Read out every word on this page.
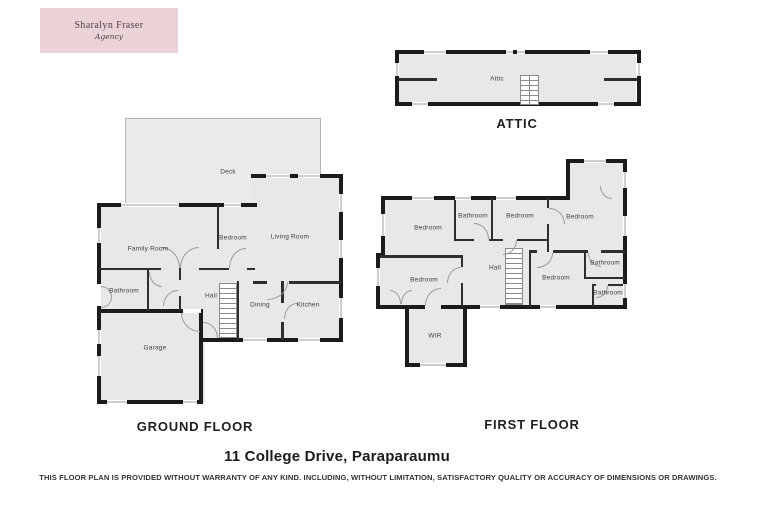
Sharalyn Fraser
Agency
Attic
ATTIC
Deck
Family Room
Bedroom	Living Room
Bathroom
Hall
Dining	Kitchen
Garage
GROUND FLOOR
Bedroom
Bathroom	Bedroom	Bedroom
Bedroom
Hall
Bedroom
Bathroom
Bathroom
WIR
FIRST FLOOR
11 College Drive, Paraparaumu
THIS FLOOR PLAN IS PROVIDED WITHOUT WARRANTY OF ANY KIND. INCLUDING, WITHOUT LIMITATION, SATISFACTORY QUALITY OR ACCURACY OF DIMENSIONS OR DRAWINGS.
